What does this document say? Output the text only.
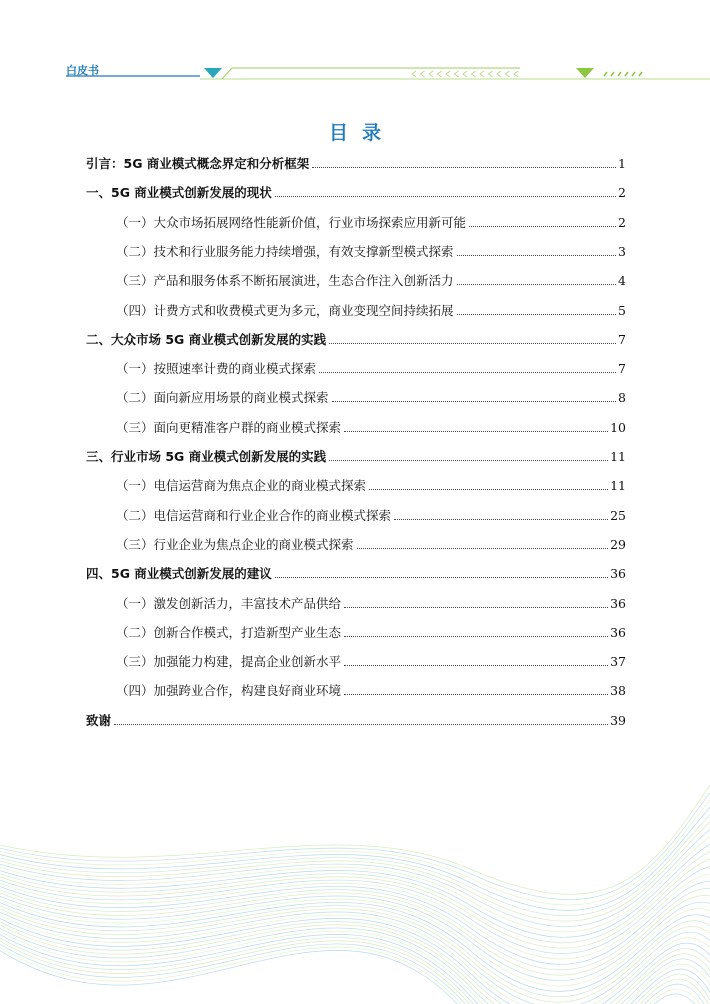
白皮书
目录
引言：5G 商业模式概念界定和分析框架	1
一、5G 商业模式创新发展的现状	2
（一）大众市场拓展网络性能新价值，行业市场探索应用新可能	2
（二）技术和行业服务能力持续增强，有效支撑新型模式探索	3
（三）产品和服务体系不断拓展演进，生态合作注入创新活力	4
（四）计费方式和收费模式更为多元，商业变现空间持续拓展	5
二、大众市场 5G 商业模式创新发展的实践	7
（一）按照速率计费的商业模式探索	7
（二）面向新应用场景的商业模式探索	8
（三）面向更精准客户群的商业模式探索	10
三、行业市场 5G 商业模式创新发展的实践	11
（一）电信运营商为焦点企业的商业模式探索	11
（二）电信运营商和行业企业合作的商业模式探索	25
（三）行业企业为焦点企业的商业模式探索	29
四、5G 商业模式创新发展的建议	36
（一）激发创新活力，丰富技术产品供给	36
（二）创新合作模式，打造新型产业生态	36
（三）加强能力构建，提高企业创新水平	37
（四）加强跨业合作，构建良好商业环境	38
致谢	39
